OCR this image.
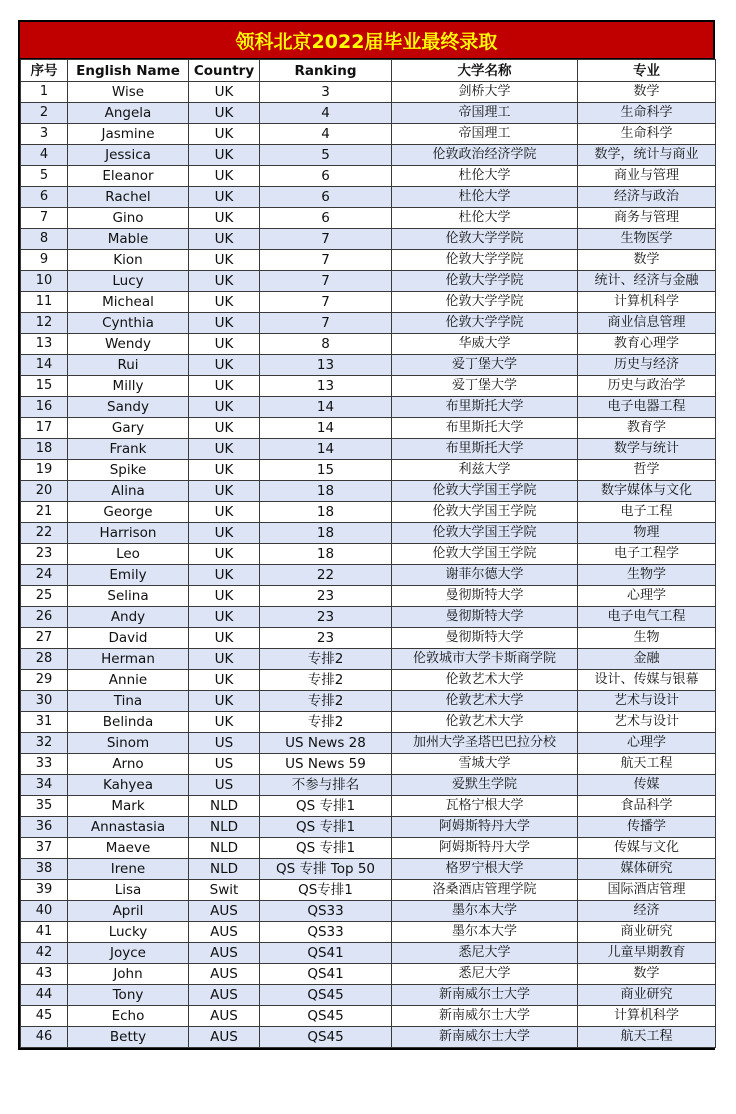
领科北京2022届毕业最终录取
序号	English Name	Country	Ranking	大学名称	专业
1	Wise	UK	3	剑桥大学	数学
2	Angela	UK	4	帝国理工	生命科学
3	Jasmine	UK	4	帝国理工	生命科学
4	Jessica	UK	5	伦敦政治经济学院	数学，统计与商业
5	Eleanor	UK	6	杜伦大学	商业与管理
6	Rachel	UK	6	杜伦大学	经济与政治
7	Gino	UK	6	杜伦大学	商务与管理
8	Mable	UK	7	伦敦大学学院	生物医学
9	Kion	UK	7	伦敦大学学院	数学
10	Lucy	UK	7	伦敦大学学院	统计、经济与金融
11	Micheal	UK	7	伦敦大学学院	计算机科学
12	Cynthia	UK	7	伦敦大学学院	商业信息管理
13	Wendy	UK	8	华威大学	教育心理学
14	Rui	UK	13	爱丁堡大学	历史与经济
15	Milly	UK	13	爱丁堡大学	历史与政治学
16	Sandy	UK	14	布里斯托大学	电子电器工程
17	Gary	UK	14	布里斯托大学	教育学
18	Frank	UK	14	布里斯托大学	数学与统计
19	Spike	UK	15	利兹大学	哲学
20	Alina	UK	18	伦敦大学国王学院	数字媒体与文化
21	George	UK	18	伦敦大学国王学院	电子工程
22	Harrison	UK	18	伦敦大学国王学院	物理
23	Leo	UK	18	伦敦大学国王学院	电子工程学
24	Emily	UK	22	谢菲尔德大学	生物学
25	Selina	UK	23	曼彻斯特大学	心理学
26	Andy	UK	23	曼彻斯特大学	电子电气工程
27	David	UK	23	曼彻斯特大学	生物
28	Herman	UK	专排2	伦敦城市大学卡斯商学院	金融
29	Annie	UK	专排2	伦敦艺术大学	设计、传媒与银幕
30	Tina	UK	专排2	伦敦艺术大学	艺术与设计
31	Belinda	UK	专排2	伦敦艺术大学	艺术与设计
32	Sinom	US	US News 28	加州大学圣塔巴巴拉分校	心理学
33	Arno	US	US News 59	雪城大学	航天工程
34	Kahyea	US	不参与排名	爱默生学院	传媒
35	Mark	NLD	QS 专排1	瓦格宁根大学	食品科学
36	Annastasia	NLD	QS 专排1	阿姆斯特丹大学	传播学
37	Maeve	NLD	QS 专排1	阿姆斯特丹大学	传媒与文化
38	Irene	NLD	QS 专排 Top 50	格罗宁根大学	媒体研究
39	Lisa	Swit	QS专排1	洛桑酒店管理学院	国际酒店管理
40	April	AUS	QS33	墨尔本大学	经济
41	Lucky	AUS	QS33	墨尔本大学	商业研究
42	Joyce	AUS	QS41	悉尼大学	儿童早期教育
43	John	AUS	QS41	悉尼大学	数学
44	Tony	AUS	QS45	新南威尔士大学	商业研究
45	Echo	AUS	QS45	新南威尔士大学	计算机科学
46	Betty	AUS	QS45	新南威尔士大学	航天工程
